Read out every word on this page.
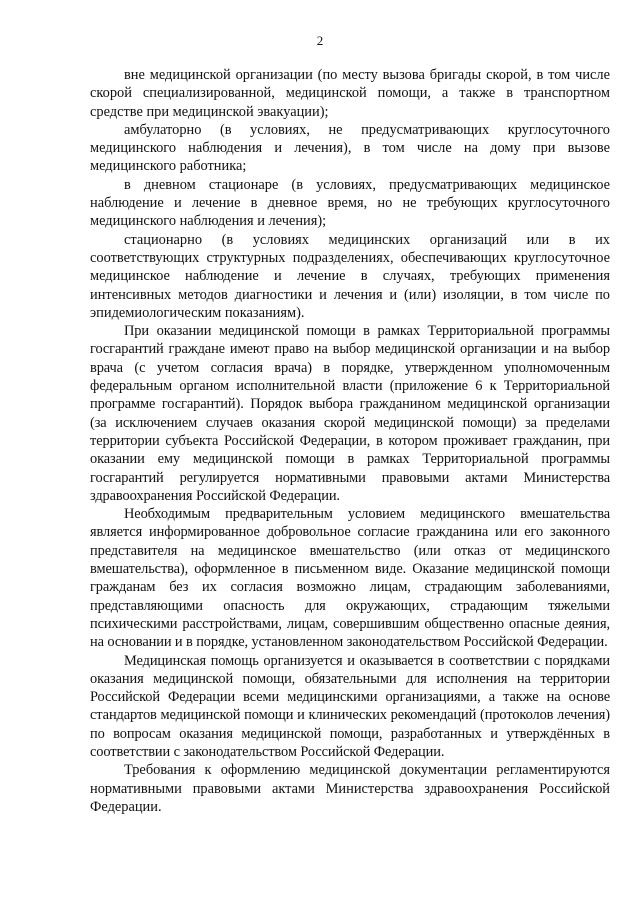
2

вне медицинской организации (по месту вызова бригады скорой, в том числе скорой специализированной, медицинской помощи, а также в транспортном средстве при медицинской эвакуации);

амбулаторно (в условиях, не предусматривающих круглосуточного медицинского наблюдения и лечения), в том числе на дому при вызове медицинского работника;

в дневном стационаре (в условиях, предусматривающих медицинское наблюдение и лечение в дневное время, но не требующих круглосуточного медицинского наблюдения и лечения);

стационарно (в условиях медицинских организаций или в их соответствующих структурных подразделениях, обеспечивающих круглосуточное медицинское наблюдение и лечение в случаях, требующих применения интенсивных методов диагностики и лечения и (или) изоляции, в том числе по эпидемиологическим показаниям).

При оказании медицинской помощи в рамках Территориальной программы госгарантий граждане имеют право на выбор медицинской организации и на выбор врача (с учетом согласия врача) в порядке, утвержденном уполномоченным федеральным органом исполнительной власти (приложение 6 к Территориальной программе госгарантий). Порядок выбора гражданином медицинской организации (за исключением случаев оказания скорой медицинской помощи) за пределами территории субъекта Российской Федерации, в котором проживает гражданин, при оказании ему медицинской помощи в рамках Территориальной программы госгарантий регулируется нормативными правовыми актами Министерства здравоохранения Российской Федерации.

Необходимым предварительным условием медицинского вмешательства является информированное добровольное согласие гражданина или его законного представителя на медицинское вмешательство (или отказ от медицинского вмешательства), оформленное в письменном виде. Оказание медицинской помощи гражданам без их согласия возможно лицам, страдающим заболеваниями, представляющими опасность для окружающих, страдающим тяжелыми психическими расстройствами, лицам, совершившим общественно опасные деяния, на основании и в порядке, установленном законодательством Российской Федерации.

Медицинская помощь организуется и оказывается в соответствии с порядками оказания медицинской помощи, обязательными для исполнения на территории Российской Федерации всеми медицинскими организациями, а также на основе стандартов медицинской помощи и клинических рекомендаций (протоколов лечения) по вопросам оказания медицинской помощи, разработанных и утверждённых в соответствии с законодательством Российской Федерации.

Требования к оформлению медицинской документации регламентируются нормативными правовыми актами Министерства здравоохранения Российской Федерации.
